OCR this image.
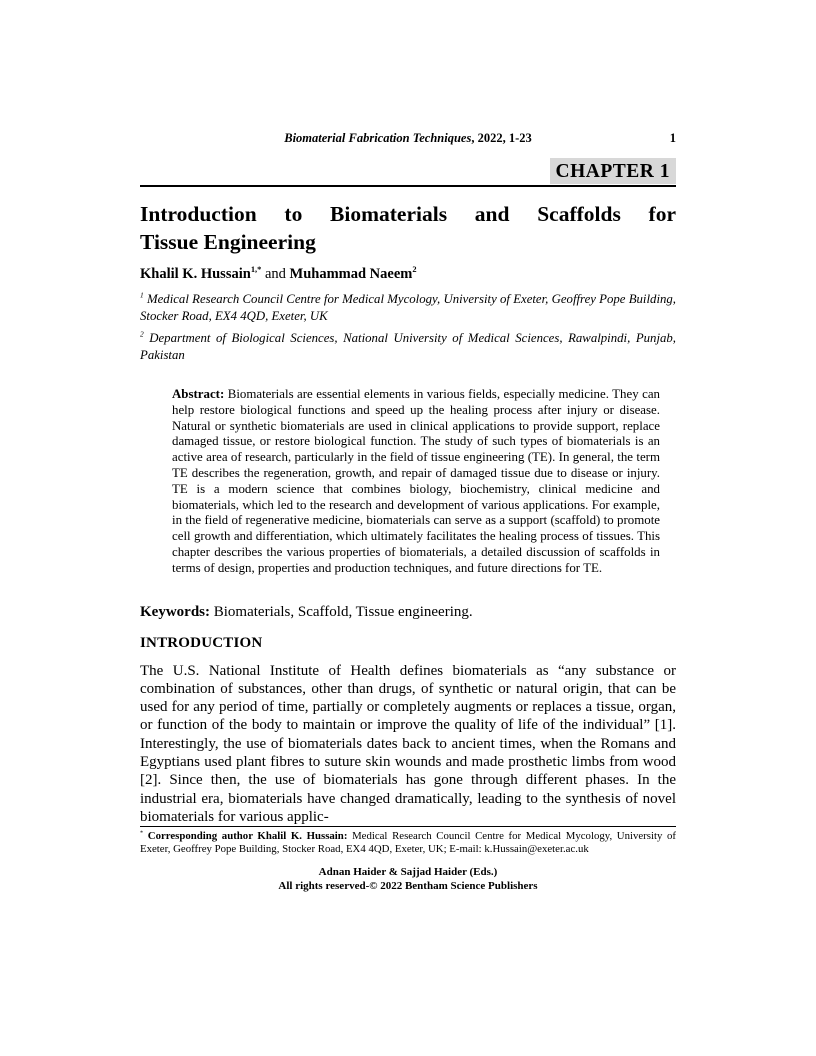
Biomaterial Fabrication Techniques, 2022, 1-23	1
CHAPTER 1
Introduction to Biomaterials and Scaffolds for
Tissue Engineering
Khalil K. Hussain$^{1,*}$ and Muhammad Naeem$^2$

$^1$ Medical Research Council Centre for Medical Mycology, University of Exeter, Geoffrey Pope Building, Stocker Road, EX4 4QD, Exeter, UK

$^2$ Department of Biological Sciences, National University of Medical Sciences, Rawalpindi, Punjab, Pakistan

Abstract: Biomaterials are essential elements in various fields, especially medicine. They can help restore biological functions and speed up the healing process after injury or disease. Natural or synthetic biomaterials are used in clinical applications to provide support, replace damaged tissue, or restore biological function. The study of such types of biomaterials is an active area of research, particularly in the field of tissue engineering (TE). In general, the term TE describes the regeneration, growth, and repair of damaged tissue due to disease or injury. TE is a modern science that combines biology, biochemistry, clinical medicine and biomaterials, which led to the research and development of various applications. For example, in the field of regenerative medicine, biomaterials can serve as a support (scaffold) to promote cell growth and differentiation, which ultimately facilitates the healing process of tissues. This chapter describes the various properties of biomaterials, a detailed discussion of scaffolds in terms of design, properties and production techniques, and future directions for TE.

Keywords: Biomaterials, Scaffold, Tissue engineering.

INTRODUCTION

The U.S. National Institute of Health defines biomaterials as “any substance or combination of substances, other than drugs, of synthetic or natural origin, that can be used for any period of time, partially or completely augments or replaces a tissue, organ, or function of the body to maintain or improve the quality of life of the individual” [1]. Interestingly, the use of biomaterials dates back to ancient times, when the Romans and Egyptians used plant fibres to suture skin wounds and made prosthetic limbs from wood [2]. Since then, the use of biomaterials has gone through different phases. In the industrial era, biomaterials have changed dramatically, leading to the synthesis of novel biomaterials for various applic-

* Corresponding author Khalil K. Hussain: Medical Research Council Centre for Medical Mycology, University of Exeter, Geoffrey Pope Building, Stocker Road, EX4 4QD, Exeter, UK; E-mail: k.Hussain@exeter.ac.uk

Adnan Haider & Sajjad Haider (Eds.)
All rights reserved-© 2022 Bentham Science Publishers
